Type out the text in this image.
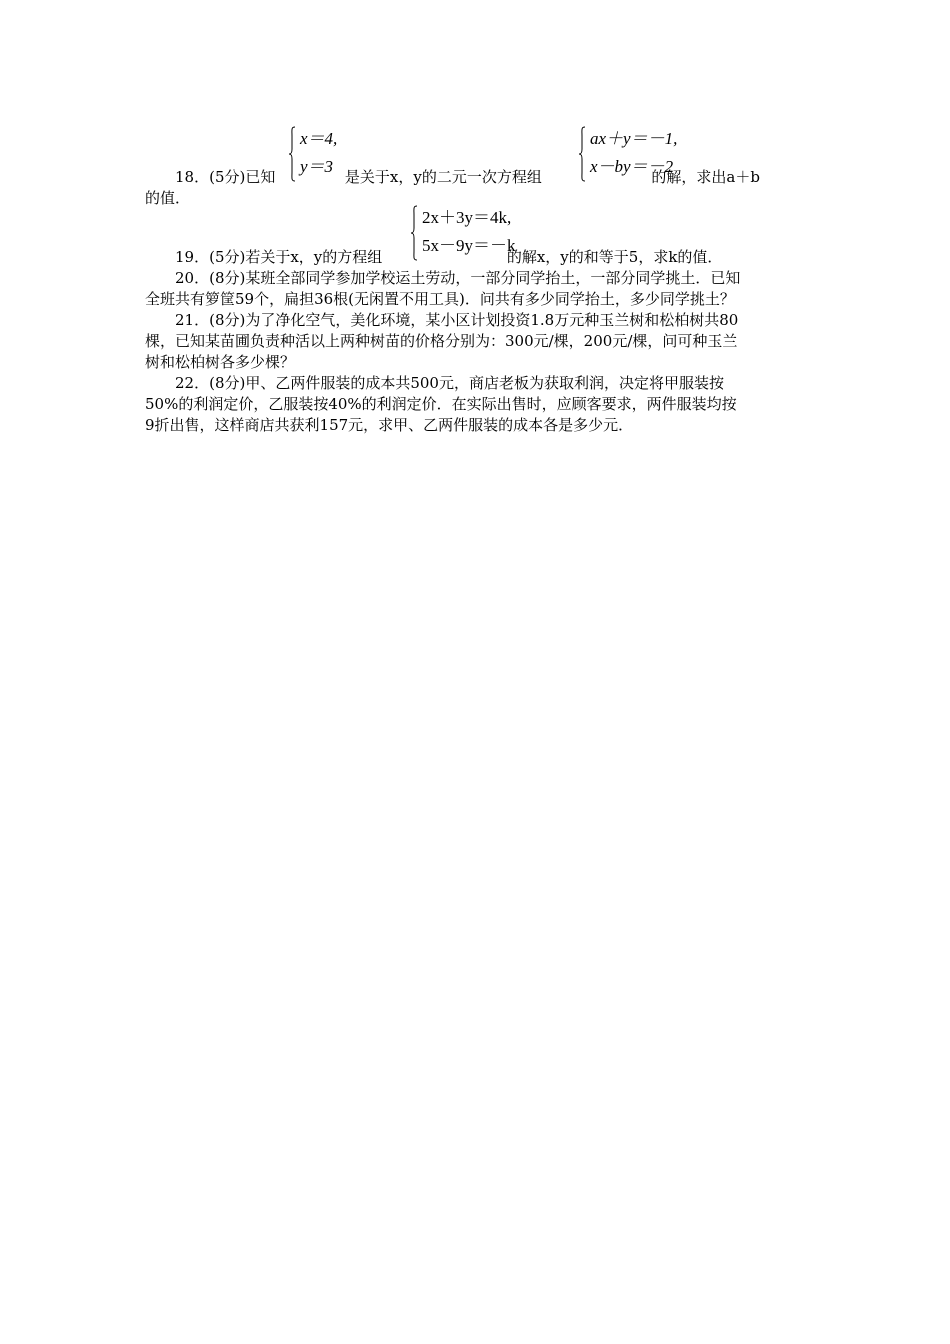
x＝4,
y＝3
ax＋y＝－1,
x－by＝－2
18．(5分)已知	是关于x，y的二元一次方程组	的解，求出a＋b
的值．
2x＋3y＝4k,
5x－9y＝－k
19．(5分)若关于x，y的方程组	的解x，y的和等于5，求k的值．
20．(8分)某班全部同学参加学校运土劳动，一部分同学抬土，一部分同学挑土．已知
全班共有箩筐59个，扁担36根(无闲置不用工具)．问共有多少同学抬土，多少同学挑土？
21．(8分)为了净化空气，美化环境，某小区计划投资1.8万元种玉兰树和松柏树共80
棵，已知某苗圃负责种活以上两种树苗的价格分别为：300元/棵，200元/棵，问可种玉兰
树和松柏树各多少棵？
22．(8分)甲、乙两件服装的成本共500元，商店老板为获取利润，决定将甲服装按
50%的利润定价，乙服装按40%的利润定价．在实际出售时，应顾客要求，两件服装均按
9折出售，这样商店共获利157元，求甲、乙两件服装的成本各是多少元．
